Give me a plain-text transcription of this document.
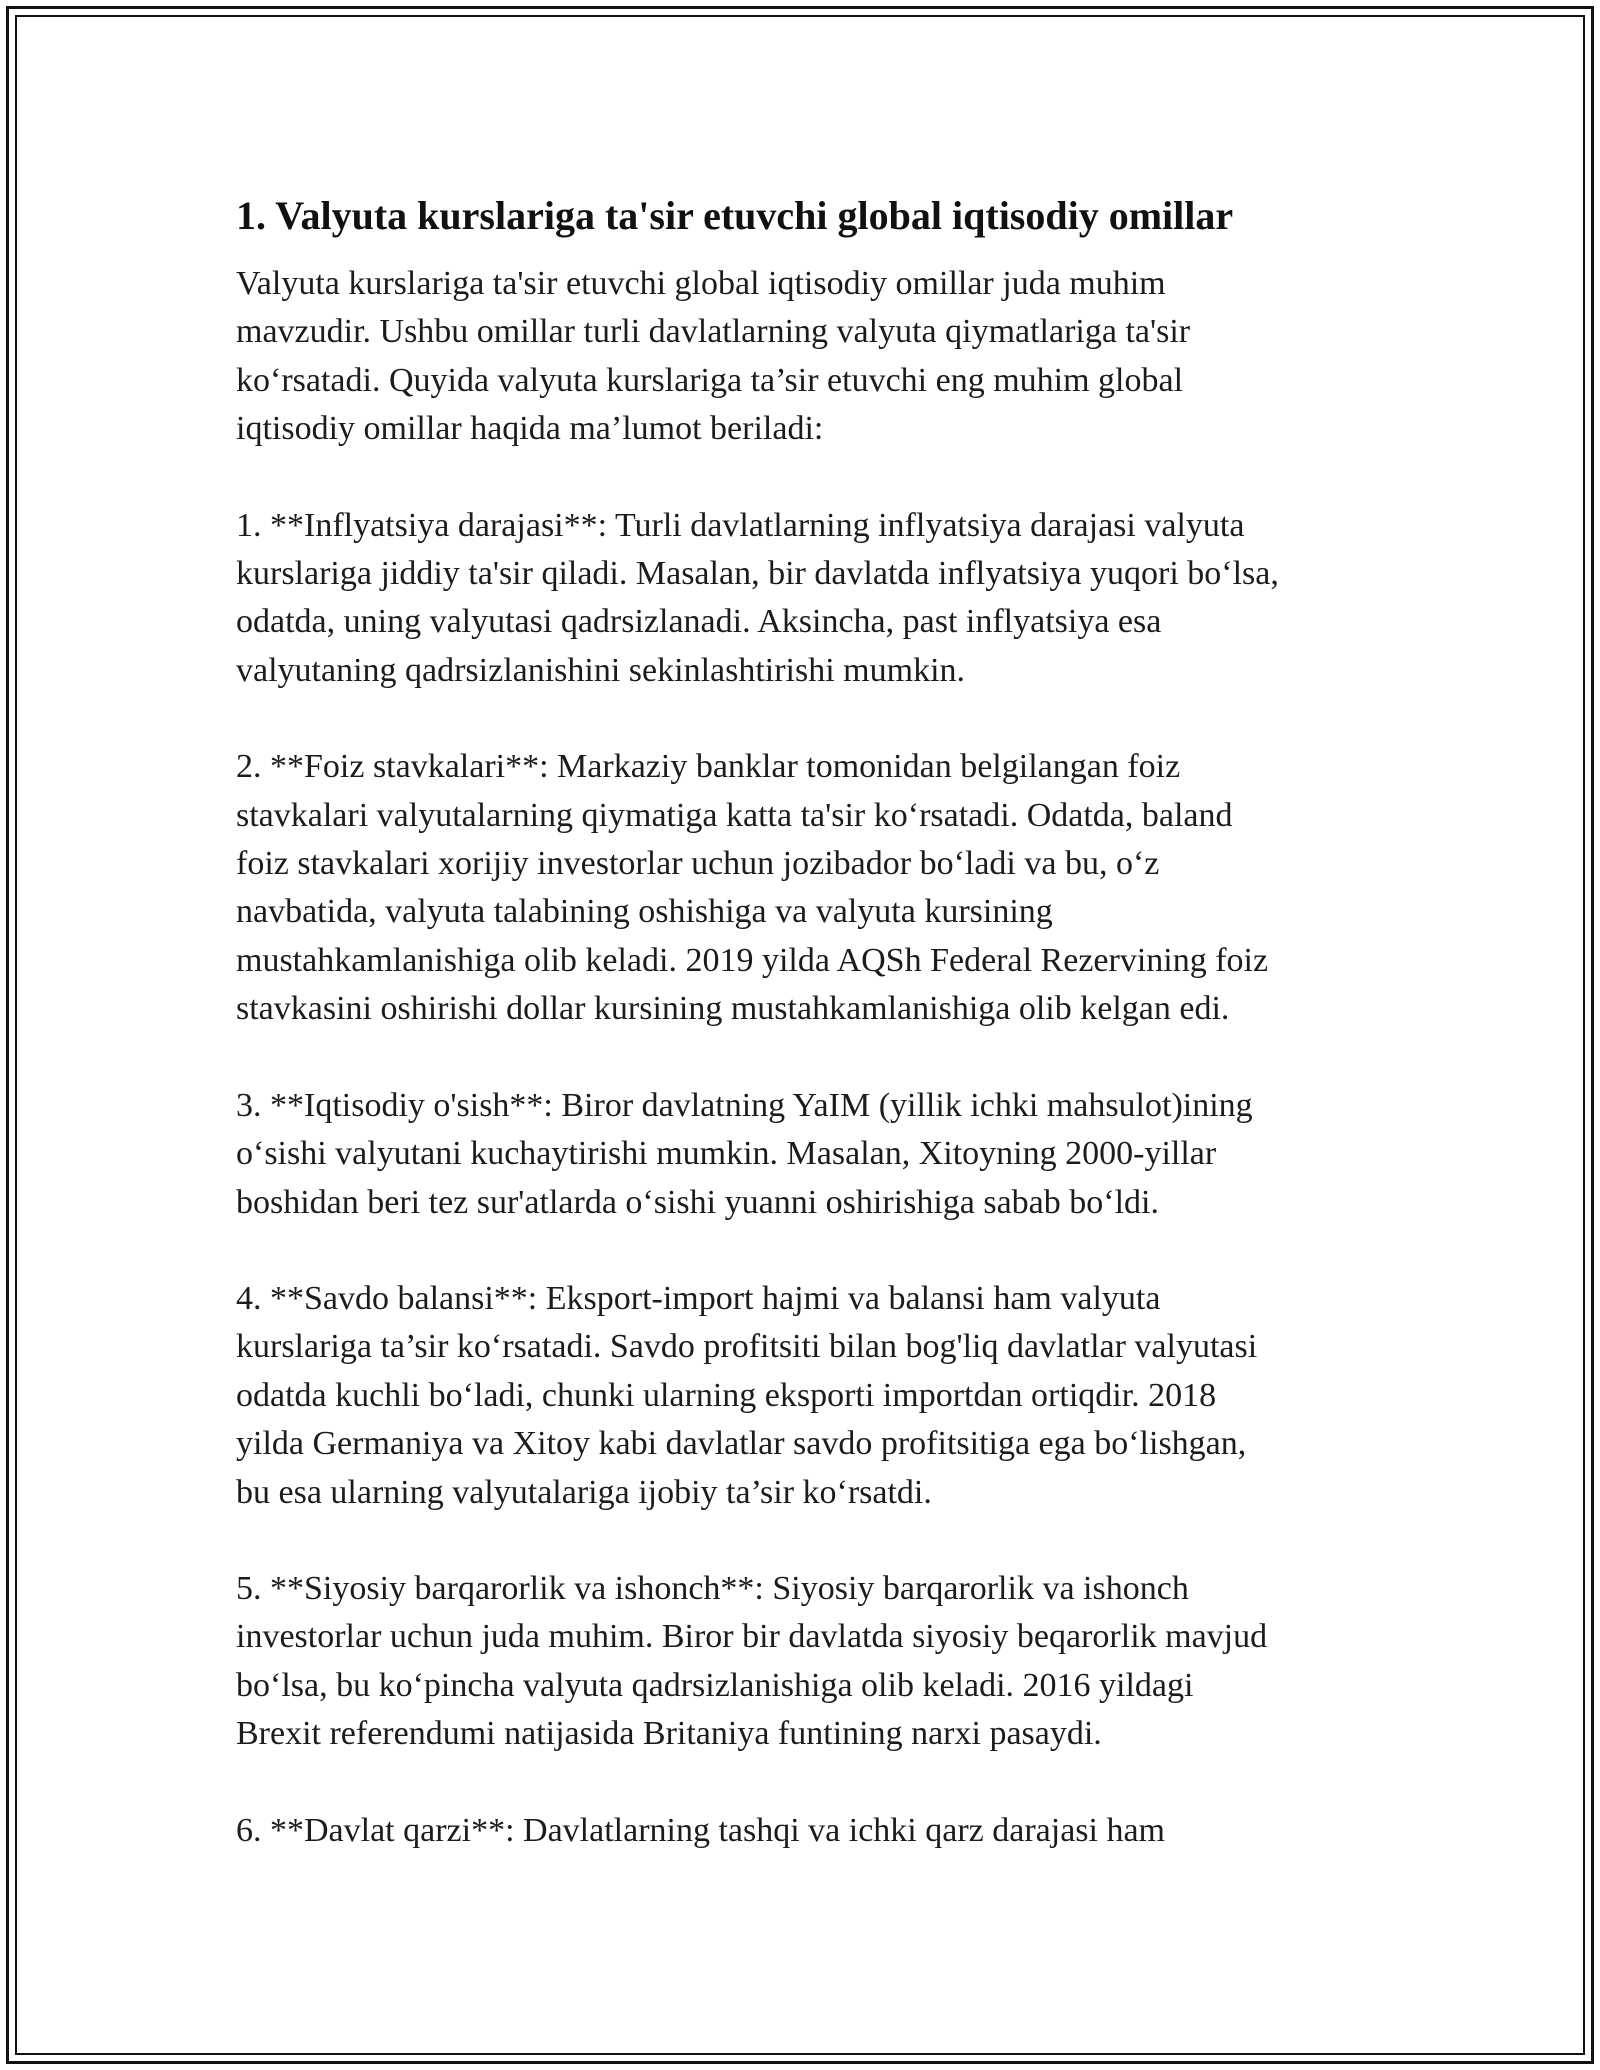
1. Valyuta kurslariga ta'sir etuvchi global iqtisodiy omillar

Valyuta kurslariga ta'sir etuvchi global iqtisodiy omillar juda muhim
mavzudir. Ushbu omillar turli davlatlarning valyuta qiymatlariga ta'sir
ko‘rsatadi. Quyida valyuta kurslariga ta’sir etuvchi eng muhim global
iqtisodiy omillar haqida ma’lumot beriladi:

1. **Inflyatsiya darajasi**: Turli davlatlarning inflyatsiya darajasi valyuta
kurslariga jiddiy ta'sir qiladi. Masalan, bir davlatda inflyatsiya yuqori bo‘lsa,
odatda, uning valyutasi qadrsizlanadi. Aksincha, past inflyatsiya esa
valyutaning qadrsizlanishini sekinlashtirishi mumkin.

2. **Foiz stavkalari**: Markaziy banklar tomonidan belgilangan foiz
stavkalari valyutalarning qiymatiga katta ta'sir ko‘rsatadi. Odatda, baland
foiz stavkalari xorijiy investorlar uchun jozibador bo‘ladi va bu, o‘z
navbatida, valyuta talabining oshishiga va valyuta kursining
mustahkamlanishiga olib keladi. 2019 yilda AQSh Federal Rezervining foiz
stavkasini oshirishi dollar kursining mustahkamlanishiga olib kelgan edi.

3. **Iqtisodiy o'sish**: Biror davlatning YaIM (yillik ichki mahsulot)ining
o‘sishi valyutani kuchaytirishi mumkin. Masalan, Xitoyning 2000-yillar
boshidan beri tez sur'atlarda o‘sishi yuanni oshirishiga sabab bo‘ldi.

4. **Savdo balansi**: Eksport-import hajmi va balansi ham valyuta
kurslariga ta’sir ko‘rsatadi. Savdo profitsiti bilan bog'liq davlatlar valyutasi
odatda kuchli bo‘ladi, chunki ularning eksporti importdan ortiqdir. 2018
yilda Germaniya va Xitoy kabi davlatlar savdo profitsitiga ega bo‘lishgan,
bu esa ularning valyutalariga ijobiy ta’sir ko‘rsatdi.

5. **Siyosiy barqarorlik va ishonch**: Siyosiy barqarorlik va ishonch
investorlar uchun juda muhim. Biror bir davlatda siyosiy beqarorlik mavjud
bo‘lsa, bu ko‘pincha valyuta qadrsizlanishiga olib keladi. 2016 yildagi
Brexit referendumi natijasida Britaniya funtining narxi pasaydi.

6. **Davlat qarzi**: Davlatlarning tashqi va ichki qarz darajasi ham
